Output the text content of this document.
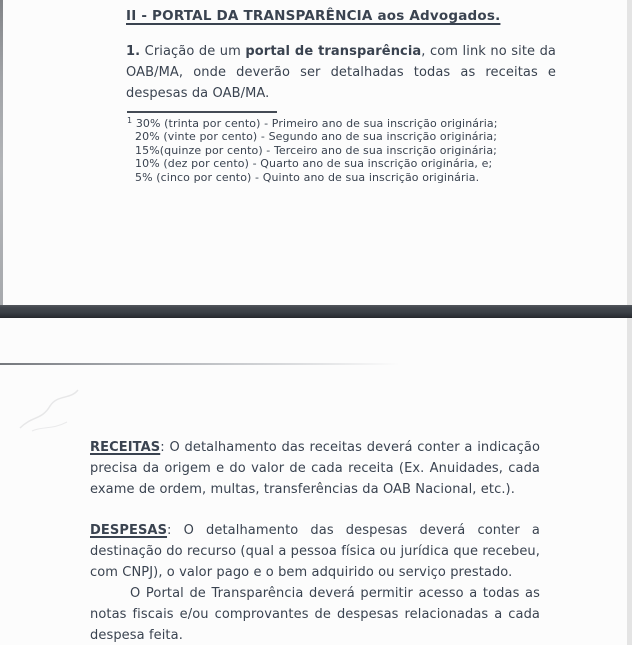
II - PORTAL DA TRANSPARÊNCIA aos Advogados.

1. Criação de um portal de transparência, com link no site da OAB/MA, onde deverão ser detalhadas todas as receitas e despesas da OAB/MA.

$^1$ 30% (trinta por cento) - Primeiro ano de sua inscrição originária;
20% (vinte por cento) - Segundo ano de sua inscrição originária;
15%(quinze por cento) - Terceiro ano de sua inscrição originária;
10% (dez por cento) - Quarto ano de sua inscrição originária, e;
5% (cinco por cento) - Quinto ano de sua inscrição originária.

RECEITAS: O detalhamento das receitas deverá conter a indicação precisa da origem e do valor de cada receita (Ex. Anuidades, cada exame de ordem, multas, transferências da OAB Nacional, etc.).

DESPESAS: O detalhamento das despesas deverá conter a destinação do recurso (qual a pessoa física ou jurídica que recebeu, com CNPJ), o valor pago e o bem adquirido ou serviço prestado.

O Portal de Transparência deverá permitir acesso a todas as notas fiscais e/ou comprovantes de despesas relacionadas a cada despesa feita.
